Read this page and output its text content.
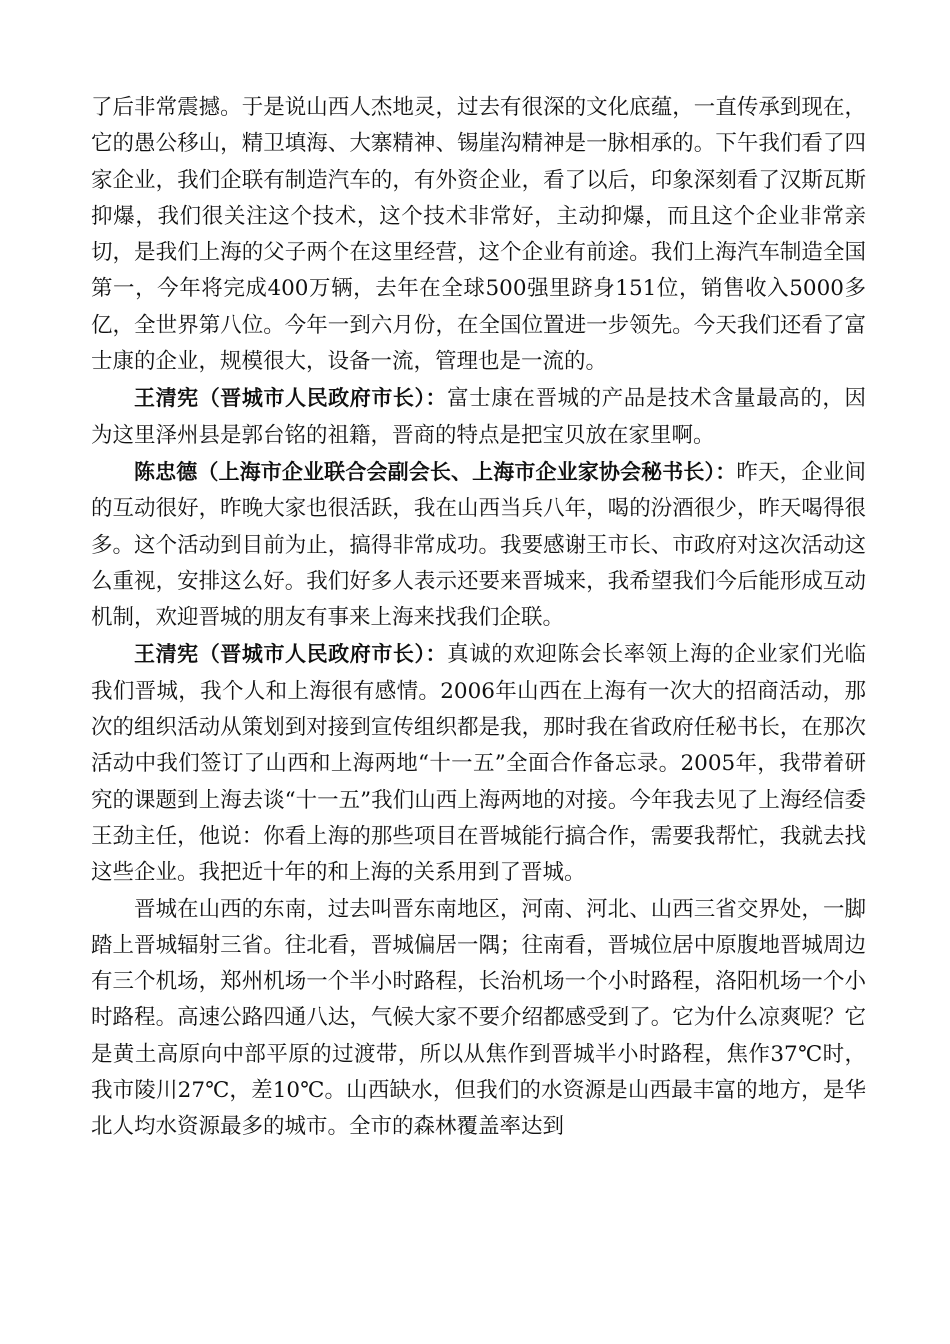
了后非常震撼。于是说山西人杰地灵，过去有很深的文化底蕴，一直传承到现在，它的愚公移山，精卫填海、大寨精神、锡崖沟精神是一脉相承的。下午我们看了四家企业，我们企联有制造汽车的，有外资企业，看了以后，印象深刻看了汉斯瓦斯抑爆，我们很关注这个技术，这个技术非常好，主动抑爆，而且这个企业非常亲切，是我们上海的父子两个在这里经营，这个企业有前途。我们上海汽车制造全国第一，今年将完成400万辆，去年在全球500强里跻身151位，销售收入5000多亿，全世界第八位。今年一到六月份，在全国位置进一步领先。今天我们还看了富士康的企业，规模很大，设备一流，管理也是一流的。

王清宪（晋城市人民政府市长）：富士康在晋城的产品是技术含量最高的，因为这里泽州县是郭台铭的祖籍，晋商的特点是把宝贝放在家里啊。

陈忠德（上海市企业联合会副会长、上海市企业家协会秘书长）：昨天，企业间的互动很好，昨晚大家也很活跃，我在山西当兵八年，喝的汾酒很少，昨天喝得很多。这个活动到目前为止，搞得非常成功。我要感谢王市长、市政府对这次活动这么重视，安排这么好。我们好多人表示还要来晋城来，我希望我们今后能形成互动机制，欢迎晋城的朋友有事来上海来找我们企联。

王清宪（晋城市人民政府市长）：真诚的欢迎陈会长率领上海的企业家们光临我们晋城，我个人和上海很有感情。2006年山西在上海有一次大的招商活动，那次的组织活动从策划到对接到宣传组织都是我，那时我在省政府任秘书长，在那次活动中我们签订了山西和上海两地“十一五”全面合作备忘录。2005年，我带着研究的课题到上海去谈“十一五”我们山西上海两地的对接。今年我去见了上海经信委王劲主任，他说：你看上海的那些项目在晋城能行搞合作，需要我帮忙，我就去找这些企业。我把近十年的和上海的关系用到了晋城。

晋城在山西的东南，过去叫晋东南地区，河南、河北、山西三省交界处，一脚踏上晋城辐射三省。往北看，晋城偏居一隅；往南看，晋城位居中原腹地晋城周边有三个机场，郑州机场一个半小时路程，长治机场一个小时路程，洛阳机场一个小时路程。高速公路四通八达，气候大家不要介绍都感受到了。它为什么凉爽呢？它是黄土高原向中部平原的过渡带，所以从焦作到晋城半小时路程，焦作37℃时，我市陵川27℃，差10℃。山西缺水，但我们的水资源是山西最丰富的地方，是华北人均水资源最多的城市。全市的森林覆盖率达到
